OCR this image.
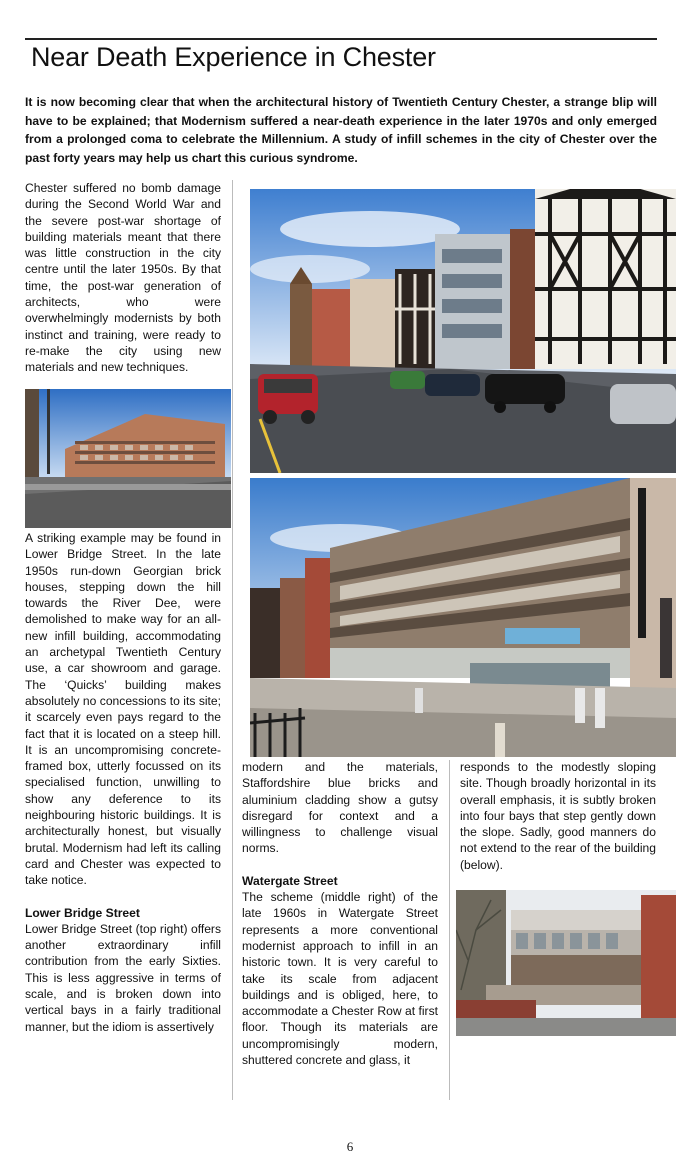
Near Death Experience in Chester

It is now becoming clear that when the architectural history of Twentieth Century Chester, a strange blip will have to be explained; that Modernism suffered a near-death experience in the later 1970s and only emerged from a prolonged coma to celebrate the Millennium. A study of infill schemes in the city of Chester over the past forty years may help us chart this curious syndrome.

Chester suffered no bomb damage during the Second World War and the severe post-war shortage of building materials meant that there was little construction in the city centre until the later 1950s. By that time, the post-war generation of architects, who were overwhelmingly modernists by both instinct and training, were ready to re-make the city using new materials and new techniques.

A striking example may be found in Lower Bridge Street. In the late 1950s run-down Georgian brick houses, stepping down the hill towards the River Dee, were demolished to make way for an all-new infill building, accommodating an archetypal Twentieth Century use, a car showroom and garage. The ‘Quicks’ building makes absolutely no concessions to its site; it scarcely even pays regard to the fact that it is located on a steep hill. It is an uncompromising concrete-framed box, utterly focussed on its specialised function, unwilling to show any deference to its neighbouring historic buildings. It is architecturally honest, but visually brutal. Modernism had left its calling card and Chester was expected to take notice.

Lower Bridge Street

Lower Bridge Street (top right) offers another extraordinary infill contribution from the early Sixties. This is less aggressive in terms of scale, and is broken down into vertical bays in a fairly traditional manner, but the idiom is assertively

modern and the materials, Staffordshire blue bricks and aluminium cladding show a gutsy disregard for context and a willingness to challenge visual norms.

Watergate Street

The scheme (middle right) of the late 1960s in Watergate Street represents a more conventional modernist approach to infill in an historic town. It is very careful to take its scale from adjacent buildings and is obliged, here, to accommodate a Chester Row at first floor. Though its materials are uncompromisingly modern, shuttered concrete and glass, it

responds to the modestly sloping site. Though broadly horizontal in its overall emphasis, it is subtly broken into four bays that step gently down the slope. Sadly, good manners do not extend to the rear of the building (below).

6
